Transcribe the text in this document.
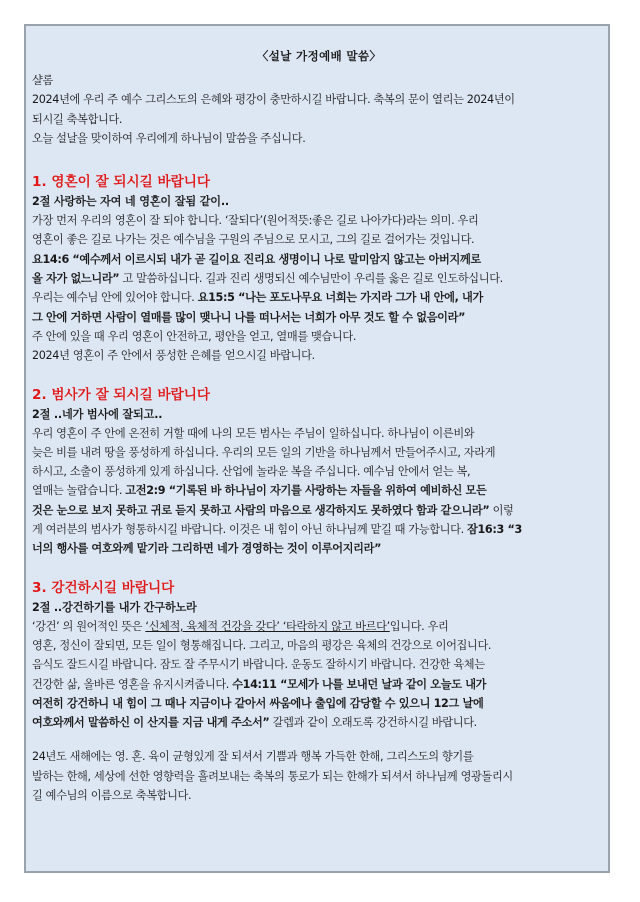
〈설날 가정예배 말씀〉
샬롬
2024년에 우리 주 예수 그리스도의 은혜와 평강이 충만하시길 바랍니다. 축복의 문이 열리는 2024년이
되시길 축복합니다.
오늘 설날을 맞이하여 우리에게 하나님이 말씀을 주십니다.
1. 영혼이 잘 되시길 바랍니다
2절 사랑하는 자여 네 영혼이 잘됨 같이..
가장 먼저 우리의 영혼이 잘 되야 합니다. ‘잘되다’(원어적뜻:좋은 길로 나아가다)라는 의미. 우리
영혼이 좋은 길로 나가는 것은 예수님을 구원의 주님으로 모시고, 그의 길로 걸어가는 것입니다.
요14:6 “예수께서 이르시되 내가 곧 길이요 진리요 생명이니 나로 말미암지 않고는 아버지께로
올 자가 없느니라” 고 말씀하십니다. 길과 진리 생명되신 예수님만이 우리를 옳은 길로 인도하십니다.
우리는 예수님 안에 있어야 합니다. 요15:5 “나는 포도나무요 너희는 가지라 그가 내 안에, 내가
그 안에 거하면 사람이 열매를 많이 맺나니 나를 떠나서는 너희가 아무 것도 할 수 없음이라”
주 안에 있을 때 우리 영혼이 안전하고, 평안을 얻고, 열매를 맺습니다.
2024년 영혼이 주 안에서 풍성한 은혜를 얻으시길 바랍니다.
2. 범사가 잘 되시길 바랍니다
2절 ..네가 범사에 잘되고..
우리 영혼이 주 안에 온전히 거할 때에 나의 모든 범사는 주님이 일하십니다. 하나님이 이른비와
늦은 비를 내려 땅을 풍성하게 하십니다. 우리의 모든 일의 기반을 하나님께서 만들어주시고, 자라게
하시고, 소출이 풍성하게 있게 하십니다. 산업에 놀라운 복을 주십니다. 예수님 안에서 얻는 복,
열매는 놀랍습니다. 고전2:9 “기록된 바 하나님이 자기를 사랑하는 자들을 위하여 예비하신 모든
것은 눈으로 보지 못하고 귀로 듣지 못하고 사람의 마음으로 생각하지도 못하였다 함과 같으니라” 이렇
게 여러분의 범사가 형통하시길 바랍니다. 이것은 내 힘이 아닌 하나님께 맡길 때 가능합니다. 잠16:3 “3
너의 행사를 여호와께 맡기라 그리하면 네가 경영하는 것이 이루어지리라”
3. 강건하시길 바랍니다
2절 ..강건하기를 내가 간구하노라
‘강건’ 의 원어적인 뜻은 ‘신체적, 육체적 건강을 갖다’ ‘타락하지 않고 바르다’입니다. 우리
영혼, 정신이 잘되면, 모든 일이 형통해집니다. 그리고, 마음의 평강은 육체의 건강으로 이어집니다.
음식도 잘드시길 바랍니다. 잠도 잘 주무시기 바랍니다. 운동도 잘하시기 바랍니다. 건강한 육체는
건강한 삶, 올바른 영혼을 유지시켜줍니다. 수14:11 “모세가 나를 보내던 날과 같이 오늘도 내가
여전히 강건하니 내 힘이 그 때나 지금이나 같아서 싸움에나 출입에 감당할 수 있으니 12그 날에
여호와께서 말씀하신 이 산지를 지금 내게 주소서” 갈렙과 같이 오래도록 강건하시길 바랍니다.
24년도 새해에는 영. 혼. 육이 균형있게 잘 되셔서 기쁨과 행복 가득한 한해, 그리스도의 향기를
발하는 한해, 세상에 선한 영향력을 흘려보내는 축복의 통로가 되는 한해가 되셔서 하나님께 영광돌리시
길 예수님의 이름으로 축복합니다.
